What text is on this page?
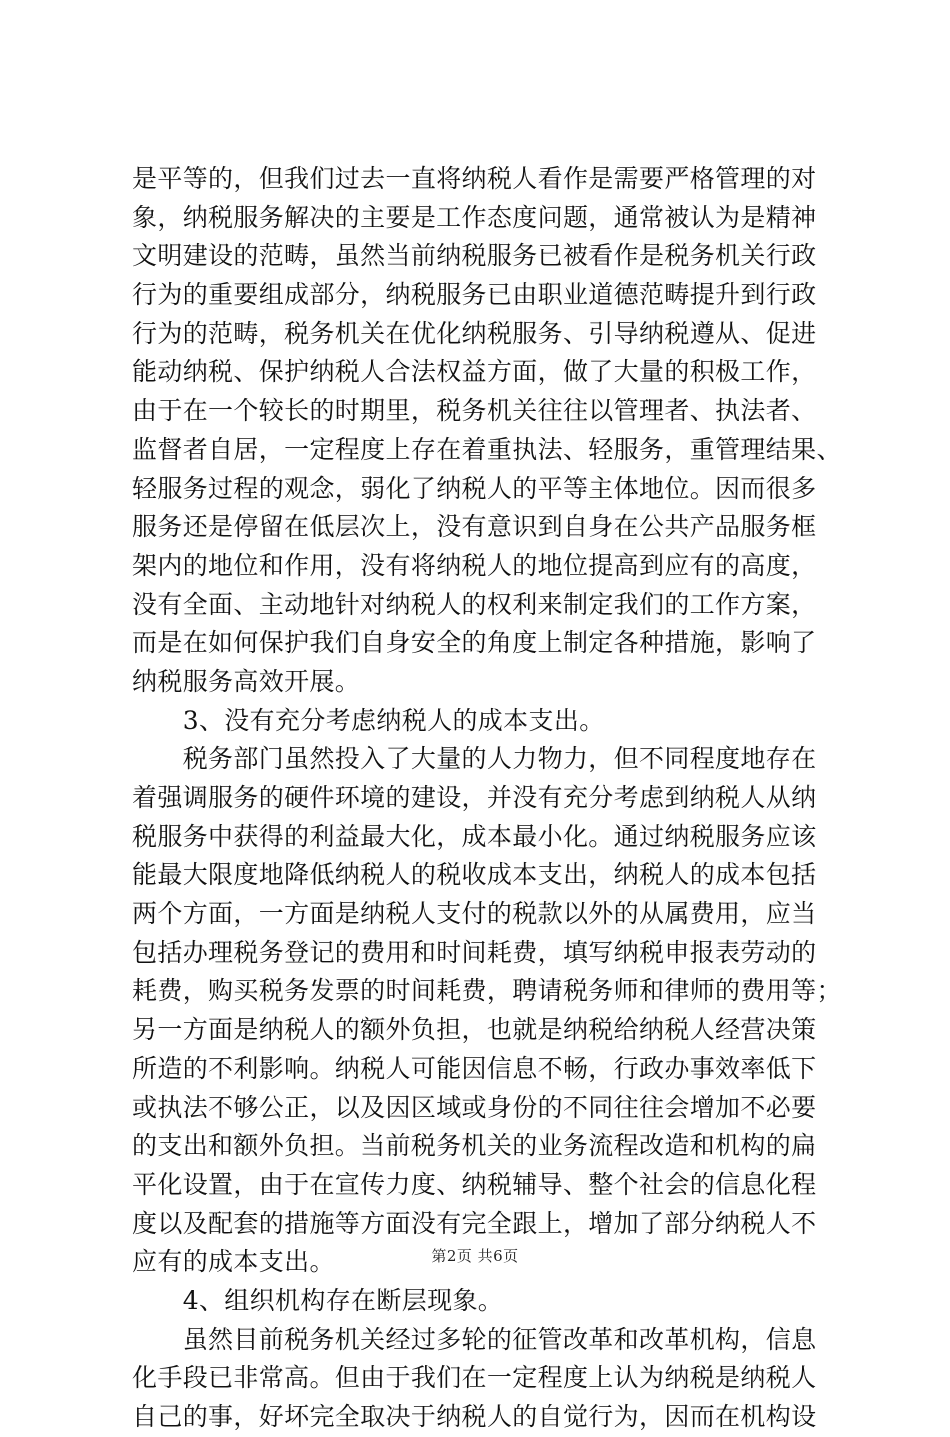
是平等的，但我们过去一直将纳税人看作是需要严格管理的对
象，纳税服务解决的主要是工作态度问题，通常被认为是精神
文明建设的范畴，虽然当前纳税服务已被看作是税务机关行政
行为的重要组成部分，纳税服务已由职业道德范畴提升到行政
行为的范畴，税务机关在优化纳税服务、引导纳税遵从、促进
能动纳税、保护纳税人合法权益方面，做了大量的积极工作，
由于在一个较长的时期里，税务机关往往以管理者、执法者、
监督者自居，一定程度上存在着重执法、轻服务，重管理结果、
轻服务过程的观念，弱化了纳税人的平等主体地位。因而很多
服务还是停留在低层次上，没有意识到自身在公共产品服务框
架内的地位和作用，没有将纳税人的地位提高到应有的高度，
没有全面、主动地针对纳税人的权利来制定我们的工作方案，
而是在如何保护我们自身安全的角度上制定各种措施，影响了
纳税服务高效开展。
　　3、没有充分考虑纳税人的成本支出。
　　税务部门虽然投入了大量的人力物力，但不同程度地存在
着强调服务的硬件环境的建设，并没有充分考虑到纳税人从纳
税服务中获得的利益最大化，成本最小化。通过纳税服务应该
能最大限度地降低纳税人的税收成本支出，纳税人的成本包括
两个方面，一方面是纳税人支付的税款以外的从属费用，应当
包括办理税务登记的费用和时间耗费，填写纳税申报表劳动的
耗费，购买税务发票的时间耗费，聘请税务师和律师的费用等；
另一方面是纳税人的额外负担，也就是纳税给纳税人经营决策
所造的不利影响。纳税人可能因信息不畅，行政办事效率低下
或执法不够公正，以及因区域或身份的不同往往会增加不必要
的支出和额外负担。当前税务机关的业务流程改造和机构的扁
平化设置，由于在宣传力度、纳税辅导、整个社会的信息化程
度以及配套的措施等方面没有完全跟上，增加了部分纳税人不
应有的成本支出。
　　4、组织机构存在断层现象。
　　虽然目前税务机关经过多轮的征管改革和改革机构，信息
化手段已非常高。但由于我们在一定程度上认为纳税是纳税人
自己的事，好坏完全取决于纳税人的自觉行为，因而在机构设
第2页 共6页
